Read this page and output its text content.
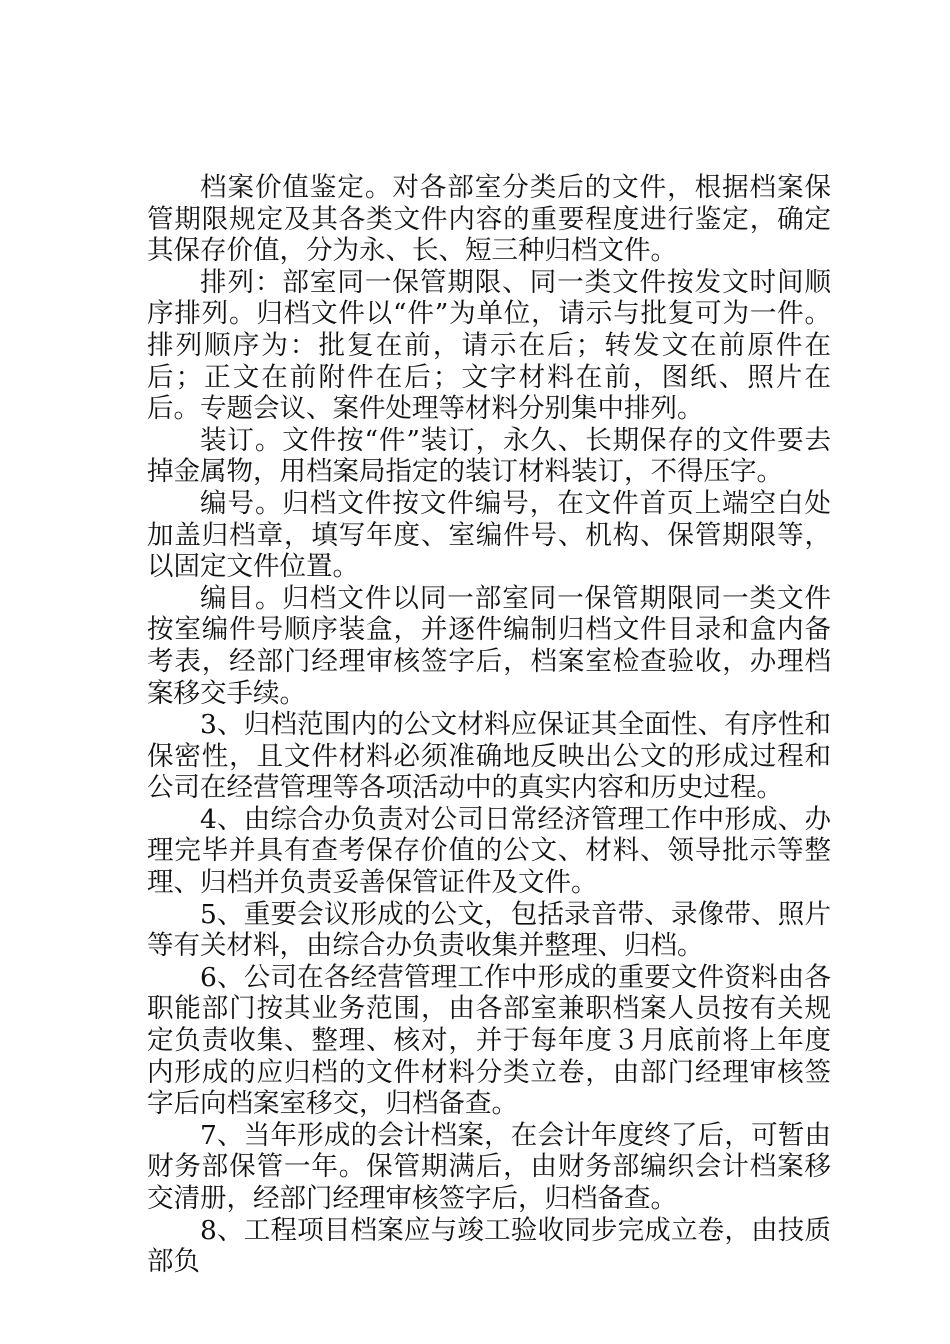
档案价值鉴定。对各部室分类后的文件，根据档案保管期限规定及其各类文件内容的重要程度进行鉴定，确定其保存价值，分为永、长、短三种归档文件。

排列：部室同一保管期限、同一类文件按发文时间顺序排列。归档文件以“件”为单位，请示与批复可为一件。排列顺序为：批复在前，请示在后；转发文在前原件在后；正文在前附件在后；文字材料在前，图纸、照片在后。专题会议、案件处理等材料分别集中排列。

装订。文件按“件”装订，永久、长期保存的文件要去掉金属物，用档案局指定的装订材料装订，不得压字。

编号。归档文件按文件编号，在文件首页上端空白处加盖归档章，填写年度、室编件号、机构、保管期限等，以固定文件位置。

编目。归档文件以同一部室同一保管期限同一类文件按室编件号顺序装盒，并逐件编制归档文件目录和盒内备考表，经部门经理审核签字后，档案室检查验收，办理档案移交手续。

3、归档范围内的公文材料应保证其全面性、有序性和保密性，且文件材料必须准确地反映出公文的形成过程和公司在经营管理等各项活动中的真实内容和历史过程。

4、由综合办负责对公司日常经济管理工作中形成、办理完毕并具有查考保存价值的公文、材料、领导批示等整理、归档并负责妥善保管证件及文件。

5、重要会议形成的公文，包括录音带、录像带、照片等有关材料，由综合办负责收集并整理、归档。

6、公司在各经营管理工作中形成的重要文件资料由各职能部门按其业务范围，由各部室兼职档案人员按有关规定负责收集、整理、核对，并于每年度３月底前将上年度内形成的应归档的文件材料分类立卷，由部门经理审核签字后向档案室移交，归档备查。

7、当年形成的会计档案，在会计年度终了后，可暂由财务部保管一年。保管期满后，由财务部编织会计档案移交清册，经部门经理审核签字后，归档备查。

8、工程项目档案应与竣工验收同步完成立卷，由技质部负
